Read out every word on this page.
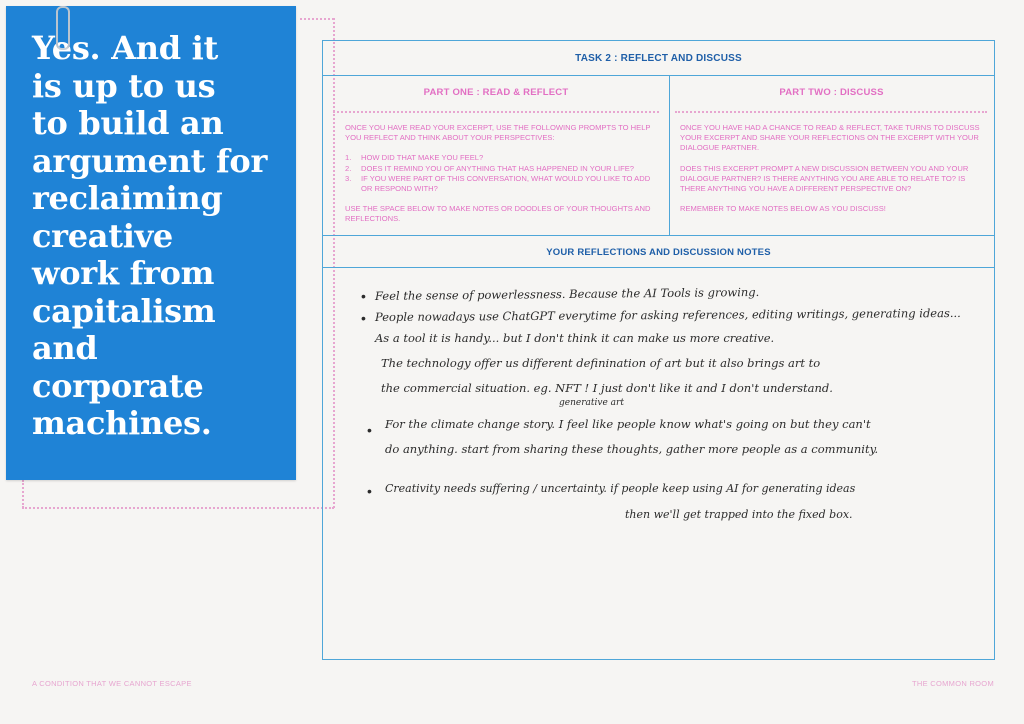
Yes. And it
is up to us
to build an
argument for
reclaiming
creative
work from
capitalism
and
corporate
machines.
TASK 2 : REFLECT AND DISCUSS
PART ONE : READ & REFLECT	PART TWO : DISCUSS

ONCE YOU HAVE READ YOUR EXCERPT, USE THE FOLLOWING PROMPTS TO HELP YOU REFLECT AND THINK ABOUT YOUR PERSPECTIVES:

1. HOW DID THAT MAKE YOU FEEL?
2. DOES IT REMIND YOU OF ANYTHING THAT HAS HAPPENED IN YOUR LIFE?
3. IF YOU WERE PART OF THIS CONVERSATION, WHAT WOULD YOU LIKE TO ADD OR RESPOND WITH?

USE THE SPACE BELOW TO MAKE NOTES OR DOODLES OF YOUR THOUGHTS AND REFLECTIONS.

ONCE YOU HAVE HAD A CHANCE TO READ & REFLECT, TAKE TURNS TO DISCUSS YOUR EXCERPT AND SHARE YOUR REFLECTIONS ON THE EXCERPT WITH YOUR DIALOGUE PARTNER.

DOES THIS EXCERPT PROMPT A NEW DISCUSSION BETWEEN YOU AND YOUR DIALOGUE PARTNER? IS THERE ANYTHING YOU ARE ABLE TO RELATE TO? IS THERE ANYTHING YOU HAVE A DIFFERENT PERSPECTIVE ON?

REMEMBER TO MAKE NOTES BELOW AS YOU DISCUSS!

YOUR REFLECTIONS AND DISCUSSION NOTES
• Feel the sense of powerlessness. Because the AI Tools is growing.
• People nowadays use ChatGPT everytime for asking references, editing writings, generating ideas...
As a tool it is handy... but I don't think it can make us more creative.
The technology offer us different definination of art but it also brings art to
the commercial situation. eg. NFT ! I just don't like it and I don't understand.
generative art
• For the climate change story. I feel like people know what's going on but they can't
do anything. start from sharing these thoughts, gather more people as a community.
• Creativity needs suffering / uncertainty. if people keep using AI for generating ideas
then we'll get trapped into the fixed box.
A CONDITION THAT WE CANNOT ESCAPE	THE COMMON ROOM
